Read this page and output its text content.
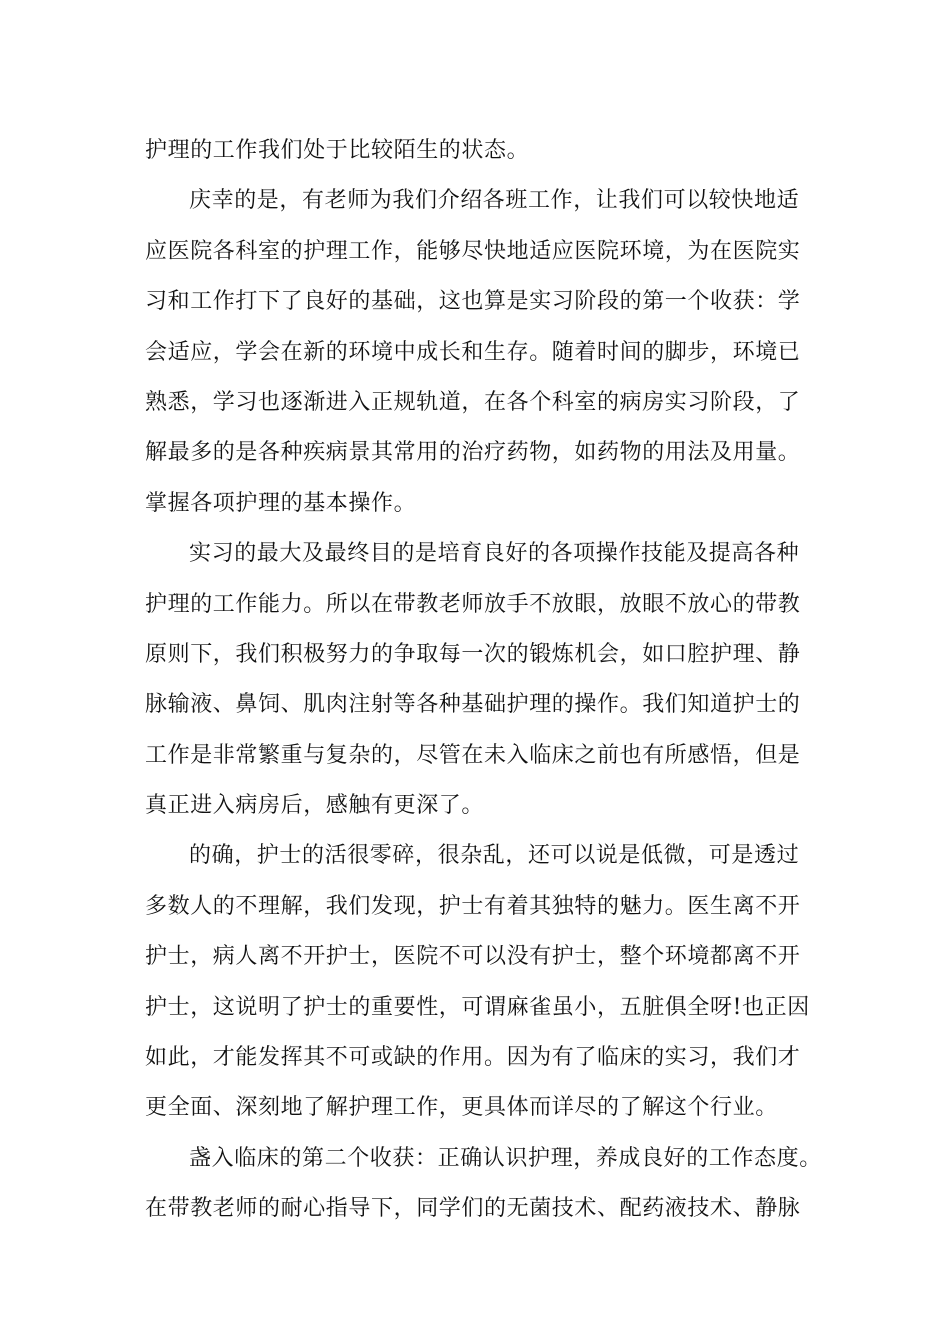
护理的工作我们处于比较陌生的状态。
庆幸的是，有老师为我们介绍各班工作，让我们可以较快地适
应医院各科室的护理工作，能够尽快地适应医院环境，为在医院实
习和工作打下了良好的基础，这也算是实习阶段的第一个收获：学
会适应，学会在新的环境中成长和生存。随着时间的脚步，环境已
熟悉，学习也逐渐进入正规轨道，在各个科室的病房实习阶段，了
解最多的是各种疾病景其常用的治疗药物，如药物的用法及用量。
掌握各项护理的基本操作。
实习的最大及最终目的是培育良好的各项操作技能及提高各种
护理的工作能力。所以在带教老师放手不放眼，放眼不放心的带教
原则下，我们积极努力的争取每一次的锻炼机会，如口腔护理、静
脉输液、鼻饲、肌肉注射等各种基础护理的操作。我们知道护士的
工作是非常繁重与复杂的，尽管在未入临床之前也有所感悟，但是
真正进入病房后，感触有更深了。
的确，护士的活很零碎，很杂乱，还可以说是低微，可是透过
多数人的不理解，我们发现，护士有着其独特的魅力。医生离不开
护士，病人离不开护士，医院不可以没有护士，整个环境都离不开
护士，这说明了护士的重要性，可谓麻雀虽小，五脏俱全呀!也正因
如此，才能发挥其不可或缺的作用。因为有了临床的实习，我们才
更全面、深刻地了解护理工作，更具体而详尽的了解这个行业。
盏入临床的第二个收获：正确认识护理，养成良好的工作态度。
在带教老师的耐心指导下，同学们的无菌技术、配药液技术、静脉
